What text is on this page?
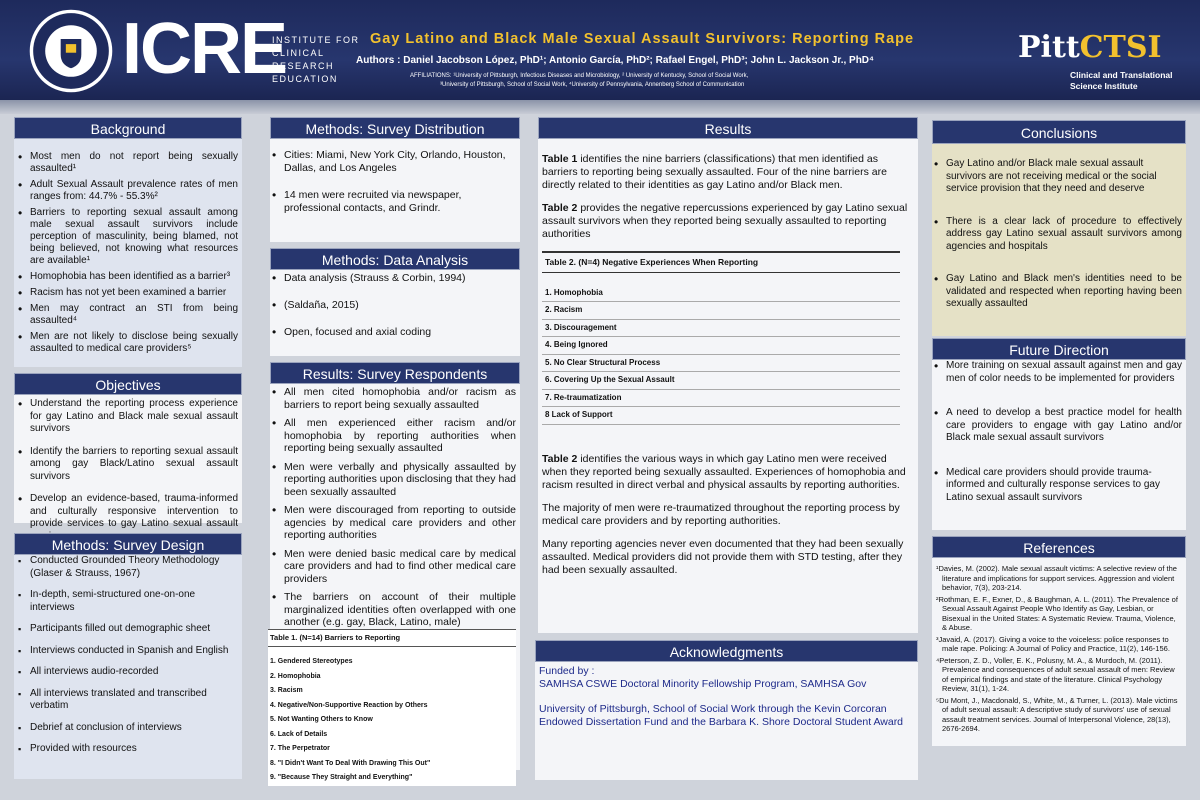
ICRE
INSTITUTE FOR
CLINICAL RESEARCH
EDUCATION
Gay Latino and Black Male Sexual Assault Survivors: Reporting Rape
Authors : Daniel Jacobson López, PhD¹; Antonio García, PhD²; Rafael Engel, PhD³; John L. Jackson Jr., PhD⁴
AFFILIATIONS: ¹University of Pittsburgh, Infectious Diseases and Microbiology, ² University of Kentucky, School of Social Work,
³University of Pittsburgh, School of Social Work, ⁴University of Pennsylvania, Annenberg School of Communication
PittCTSI
Clinical and Translational
Science Institute
Background
• Most men do not report being sexually assaulted¹
• Adult Sexual Assault prevalence rates of men ranges from: 44.7% - 55.3%²
• Barriers to reporting sexual assault among male sexual assault survivors include perception of masculinity, being blamed, not being believed, not knowing what resources are available¹
• Homophobia has been identified as a barrier³
• Racism has not yet been examined a barrier
• Men may contract an STI from being assaulted⁴
• Men are not likely to disclose being sexually assaulted to medical care providers⁵
Objectives
• Understand the reporting process experience for gay Latino and Black male sexual assault survivors
• Identify the barriers to reporting sexual assault among gay Black/Latino sexual assault survivors
• Develop an evidence-based, trauma-informed and culturally responsive intervention to provide services to gay Latino sexual assault
Methods: Survey Design
▪ Conducted Grounded Theory Methodology (Glaser & Strauss, 1967)
▪ In-depth, semi-structured one-on-one interviews
▪ Participants filled out demographic sheet
▪ Interviews conducted in Spanish and English
▪ All interviews audio-recorded
▪ All interviews translated and transcribed verbatim
▪ Debrief at conclusion of interviews
▪ Provided with resources
Methods: Survey Distribution
• Cities: Miami, New York City, Orlando, Houston, Dallas, and Los Angeles
• 14 men were recruited via newspaper, professional contacts, and Grindr.
Methods: Data Analysis
• Data analysis (Strauss & Corbin, 1994)
• (Saldaña, 2015)
• Open, focused and axial coding
Results: Survey Respondents
• All men cited homophobia and/or racism as barriers to report being sexually assaulted
• All men experienced either racism and/or homophobia by reporting authorities when reporting being sexually assaulted
• Men were verbally and physically assaulted by reporting authorities upon disclosing that they had been sexually assaulted
• Men were discouraged from reporting to outside agencies by medical care providers and other reporting authorities
• Men were denied basic medical care by medical care providers and had to find other medical care providers
• The barriers on account of their multiple marginalized identities often overlapped with one another (e.g. gay, Black, Latino, male)
Table 1. (N=14) Barriers to Reporting
1. Gendered Stereotypes
2. Homophobia
3. Racism
4. Negative/Non-Supportive Reaction by Others
5. Not Wanting Others to Know
6. Lack of Details
7. The Perpetrator
8. "I Didn't Want To Deal With Drawing This Out"
9. "Because They Straight and Everything"
Results

Table 1 identifies the nine barriers (classifications) that men identified as barriers to reporting being sexually assaulted. Four of the nine barriers are directly related to their identities as gay Latino and/or Black men.

Table 2 provides the negative repercussions experienced by gay Latino sexual assault survivors when they reported being sexually assaulted to reporting authorities

Table 2. (N=4) Negative Experiences When Reporting
1. Homophobia
2. Racism
3. Discouragement
4. Being Ignored
5. No Clear Structural Process
6. Covering Up the Sexual Assault
7. Re-traumatization
8 Lack of Support

Table 2 identifies the various ways in which gay Latino men were received when they reported being sexually assaulted. Experiences of homophobia and racism resulted in direct verbal and physical assaults by reporting authorities.

The majority of men were re-traumatized throughout the reporting process by medical care providers and by reporting authorities.

Many reporting agencies never even documented that they had been sexually assaulted. Medical providers did not provide them with STD testing, after they had been sexually assaulted.

Acknowledgments
Funded by :
SAMHSA CSWE Doctoral Minority Fellowship Program, SAMHSA Gov
University of Pittsburgh, School of Social Work through the Kevin Corcoran Endowed Dissertation Fund and the Barbara K. Shore Doctoral Student Award
Conclusions
• Gay Latino and/or Black male sexual assault survivors are not receiving medical or the social service provision that they need and deserve
• There is a clear lack of procedure to effectively address gay Latino sexual assault survivors among agencies and hospitals
• Gay Latino and Black men's identities need to be validated and respected when reporting having been sexually assaulted
Future Direction
• More training on sexual assault against men and gay men of color needs to be implemented for providers
• A need to develop a best practice model for health care providers to engage with gay Latino and/or Black male sexual assault survivors
• Medical care providers should provide trauma-informed and culturally response services to gay Latino sexual assault survivors
References
¹Davies, M. (2002). Male sexual assault victims: A selective review of the literature and implications for support services. Aggression and violent behavior, 7(3), 203-214.
²Rothman, E. F., Exner, D., & Baughman, A. L. (2011). The Prevalence of Sexual Assault Against People Who Identify as Gay, Lesbian, or Bisexual in the United States: A Systematic Review. Trauma, Violence, & Abuse.
³Javaid, A. (2017). Giving a voice to the voiceless: police responses to male rape. Policing: A Journal of Policy and Practice, 11(2), 146-156.
⁴Peterson, Z. D., Voller, E. K., Polusny, M. A., & Murdoch, M. (2011). Prevalence and consequences of adult sexual assault of men: Review of empirical findings and state of the literature. Clinical Psychology Review, 31(1), 1-24.
⁵Du Mont, J., Macdonald, S., White, M., & Turner, L. (2013). Male victims of adult sexual assault: A descriptive study of survivors' use of sexual assault treatment services. Journal of Interpersonal Violence, 28(13), 2676-2694.
